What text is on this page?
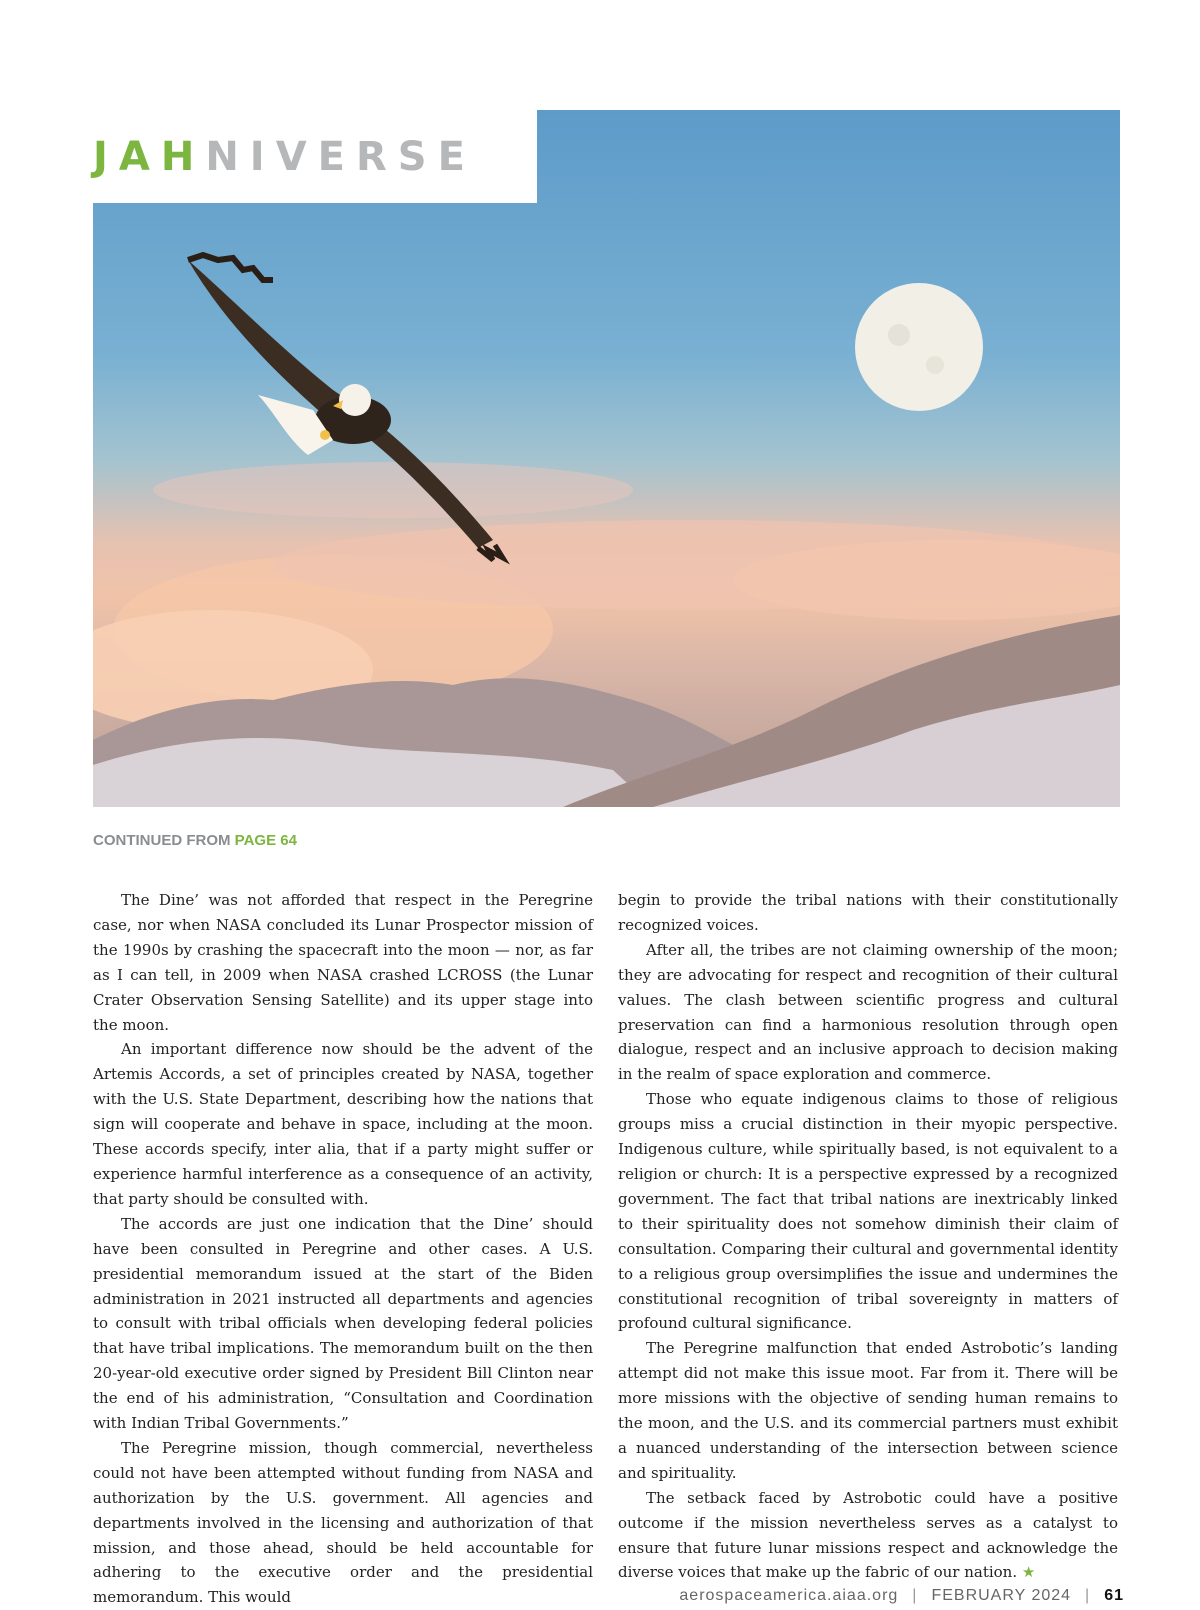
JAHNIVERSE

CONTINUED FROM PAGE 64

The Dine’ was not afforded that respect in the Peregrine case, nor when NASA concluded its Lunar Prospector mission of the 1990s by crashing the spacecraft into the moon — nor, as far as I can tell, in 2009 when NASA crashed LCROSS (the Lunar Crater Observation Sensing Satellite) and its upper stage into the moon.

An important difference now should be the advent of the Artemis Accords, a set of principles created by NASA, together with the U.S. State Department, describing how the nations that sign will cooperate and behave in space, including at the moon. These accords specify, inter alia, that if a party might suffer or experience harmful interference as a consequence of an activity, that party should be consulted with.

The accords are just one indication that the Dine’ should have been consulted in Peregrine and other cases. A U.S. presidential memorandum issued at the start of the Biden administration in 2021 instructed all departments and agencies to consult with tribal officials when developing federal policies that have tribal implications. The memorandum built on the then 20-year-old executive order signed by President Bill Clinton near the end of his administration, “Consultation and Coordination with Indian Tribal Governments.”

The Peregrine mission, though commercial, nevertheless could not have been attempted without funding from NASA and authorization by the U.S. government. All agencies and departments involved in the licensing and authorization of that mission, and those ahead, should be held accountable for adhering to the executive order and the presidential memorandum. This would

begin to provide the tribal nations with their constitutionally recognized voices.

After all, the tribes are not claiming ownership of the moon; they are advocating for respect and recognition of their cultural values. The clash between scientific progress and cultural preservation can find a harmonious resolution through open dialogue, respect and an inclusive approach to decision making in the realm of space exploration and commerce.

Those who equate indigenous claims to those of religious groups miss a crucial distinction in their myopic perspective. Indigenous culture, while spiritually based, is not equivalent to a religion or church: It is a perspective expressed by a recognized government. The fact that tribal nations are inextricably linked to their spirituality does not somehow diminish their claim of consultation. Comparing their cultural and governmental identity to a religious group oversimplifies the issue and undermines the constitutional recognition of tribal sovereignty in matters of profound cultural significance.

The Peregrine malfunction that ended Astrobotic’s landing attempt did not make this issue moot. Far from it. There will be more missions with the objective of sending human remains to the moon, and the U.S. and its commercial partners must exhibit a nuanced understanding of the intersection between science and spirituality.

The setback faced by Astrobotic could have a positive outcome if the mission nevertheless serves as a catalyst to ensure that future lunar missions respect and acknowledge the diverse voices that make up the fabric of our nation. ★

aerospaceamerica.aiaa.org | FEBRUARY 2024 | 61
